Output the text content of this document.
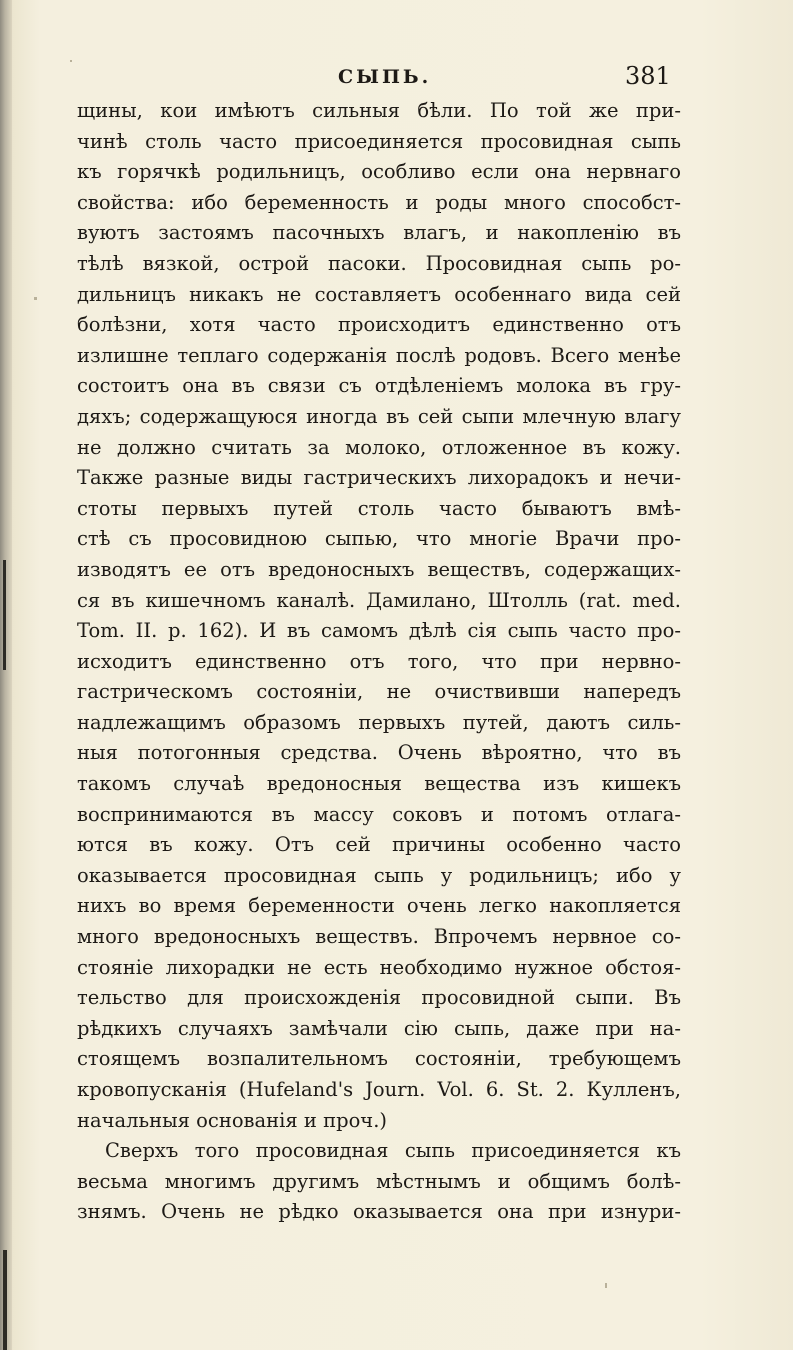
СЫПЬ.	381
щины, кои имѣютъ сильныя бѣли. По той же при-
чинѣ столь часто присоединяется просовидная сыпь
къ горячкѣ родильницъ, особливо если она нервнаго
свойства: ибо беременность и роды много способст-
вуютъ застоямъ пасочныхъ влагъ, и накопленію въ
тѣлѣ вязкой, острой пасоки. Просовидная сыпь ро-
дильницъ никакъ не составляетъ особеннаго вида сей
болѣзни, хотя часто происходитъ единственно отъ
излишне теплаго содержанія послѣ родовъ. Всего менѣе
состоитъ она въ связи съ отдѣленіемъ молока въ гру-
дяхъ; содержащуюся иногда въ сей сыпи млечную влагу
не должно считать за молоко, отложенное въ кожу.
Также разные виды гастрическихъ лихорадокъ и нечи-
стоты первыхъ путей столь часто бываютъ вмѣ-
стѣ съ просовидною сыпью, что многіе Врачи про-
изводятъ ее отъ вредоносныхъ веществъ, содержащих-
ся въ кишечномъ каналѣ. Дамилано, Штолль (rat. med.
Tom. II. p. 162). И въ самомъ дѣлѣ сія сыпь часто про-
исходитъ единственно отъ того, что при нервно-
гастрическомъ состояніи, не очиствивши напередъ
надлежащимъ образомъ первыхъ путей, даютъ силь-
ныя потогонныя средства. Очень вѣроятно, что въ
такомъ случаѣ вредоносныя вещества изъ кишекъ
воспринимаются въ массу соковъ и потомъ отлага-
ются въ кожу. Отъ сей причины особенно часто
оказывается просовидная сыпь у родильницъ; ибо у
нихъ во время беременности очень легко накопляется
много вредоносныхъ веществъ. Впрочемъ нервное со-
стояніе лихорадки не есть необходимо нужное обстоя-
тельство для происхожденія просовидной сыпи. Въ
рѣдкихъ случаяхъ замѣчали сію сыпь, даже при на-
стоящемъ возпалительномъ состояніи, требующемъ
кровопусканія (Hufeland's Journ. Vol. 6. St. 2. Кулленъ,
начальныя основанія и проч.)
Сверхъ того просовидная сыпь присоединяется къ
весьма многимъ другимъ мѣстнымъ и общимъ болѣ-
знямъ. Очень не рѣдко оказывается она при изнури-
